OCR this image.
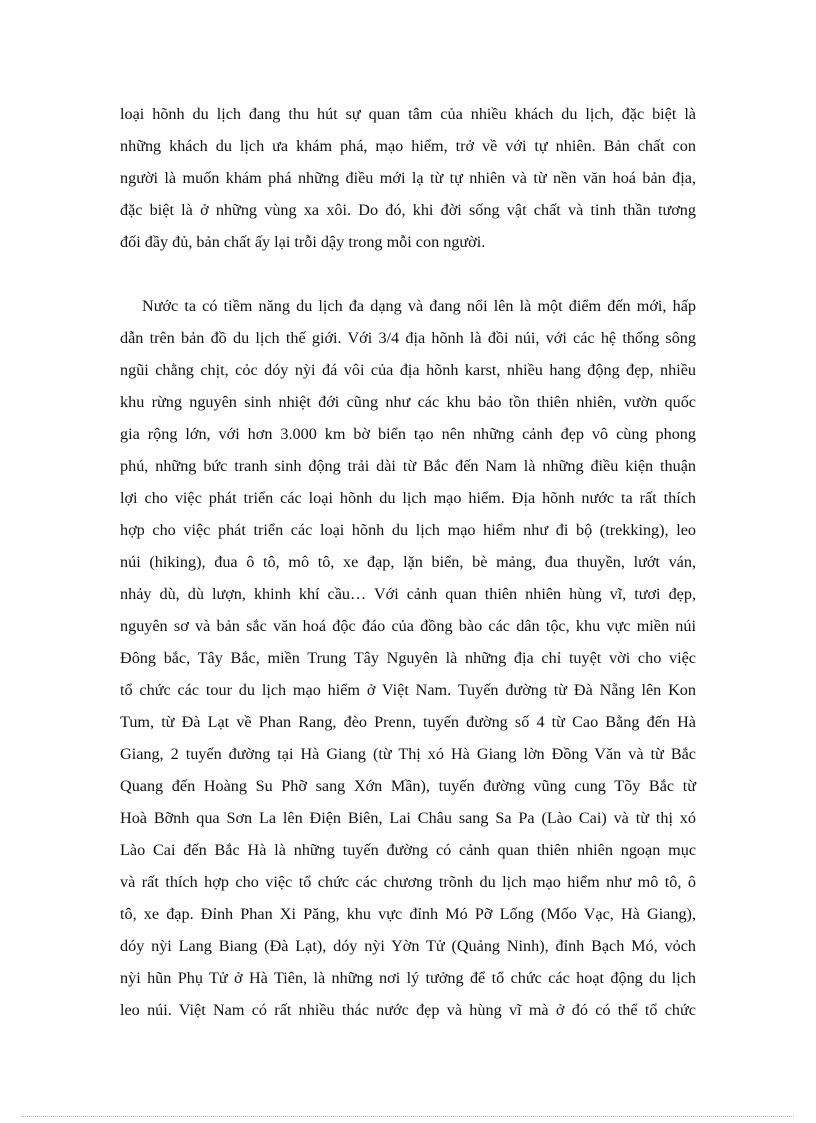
loại hõnh du lịch đang thu hút sự quan tâm của nhiều khách du lịch, đặc biệt là
những khách du lịch ưa khám phá, mạo hiểm, trở về với tự nhiên. Bản chất con
người là muốn khám phá những điều mới lạ từ tự nhiên và từ nền văn hoá bản địa,
đặc biệt là ở những vùng xa xôi. Do đó, khi đời sống vật chất và tinh thần tương
đối đầy đủ, bản chất ấy lại trỗi dậy trong mỗi con người.
Nước ta có tiềm năng du lịch đa dạng và đang nổi lên là một điểm đến mới, hấp
dẫn trên bản đồ du lịch thế giới. Với 3/4 địa hõnh là đồi núi, với các hệ thống sông
ngũi chằng chịt, cỏc dóy nỳi đá vôi của địa hõnh karst, nhiều hang động đẹp, nhiều
khu rừng nguyên sinh nhiệt đới cũng như các khu bảo tồn thiên nhiên, vườn quốc
gia rộng lớn, với hơn 3.000 km bờ biển tạo nên những cảnh đẹp vô cùng phong
phú, những bức tranh sinh động trải dài từ Bắc đến Nam là những điều kiện thuận
lợi cho việc phát triển các loại hõnh du lịch mạo hiểm. Địa hõnh nước ta rất thích
hợp cho việc phát triển các loại hõnh du lịch mạo hiểm như đi bộ (trekking), leo
núi (hiking), đua ô tô, mô tô, xe đạp, lặn biển, bè mảng, đua thuyền, lướt ván,
nhảy dù, dù lượn, khinh khí cầu… Với cảnh quan thiên nhiên hùng vĩ, tươi đẹp,
nguyên sơ và bản sắc văn hoá độc đáo của đồng bào các dân tộc, khu vực miền núi
Đông bắc, Tây Bắc, miền Trung Tây Nguyên là những địa chỉ tuyệt vời cho việc
tổ chức các tour du lịch mạo hiểm ở Việt Nam. Tuyến đường từ Đà Nẵng lên Kon
Tum, từ Đà Lạt về Phan Rang, đèo Prenn, tuyến đường số 4 từ Cao Bằng đến Hà
Giang, 2 tuyến đường tại Hà Giang (từ Thị xó Hà Giang lờn Đồng Văn và từ Bắc
Quang đến Hoàng Su Phỡ sang Xớn Mần), tuyến đường vũng cung Tõy Bắc từ
Hoà Bỡnh qua Sơn La lên Điện Biên, Lai Châu sang Sa Pa (Lào Cai) và từ thị xó
Lào Cai đến Bắc Hà là những tuyến đường có cảnh quan thiên nhiên ngoạn mục
và rất thích hợp cho việc tổ chức các chương trõnh du lịch mạo hiểm như mô tô, ô
tô, xe đạp. Đỉnh Phan Xi Păng, khu vực đỉnh Mó Pỡ Lống (Mốo Vạc, Hà Giang),
dóy nỳi Lang Biang (Đà Lạt), dóy nỳi Yờn Tử (Quảng Ninh), đỉnh Bạch Mó, vỏch
nỳi hũn Phụ Tử ở Hà Tiên, là những nơi lý tưởng để tổ chức các hoạt động du lịch
leo núi. Việt Nam có rất nhiều thác nước đẹp và hùng vĩ mà ở đó có thể tổ chức
